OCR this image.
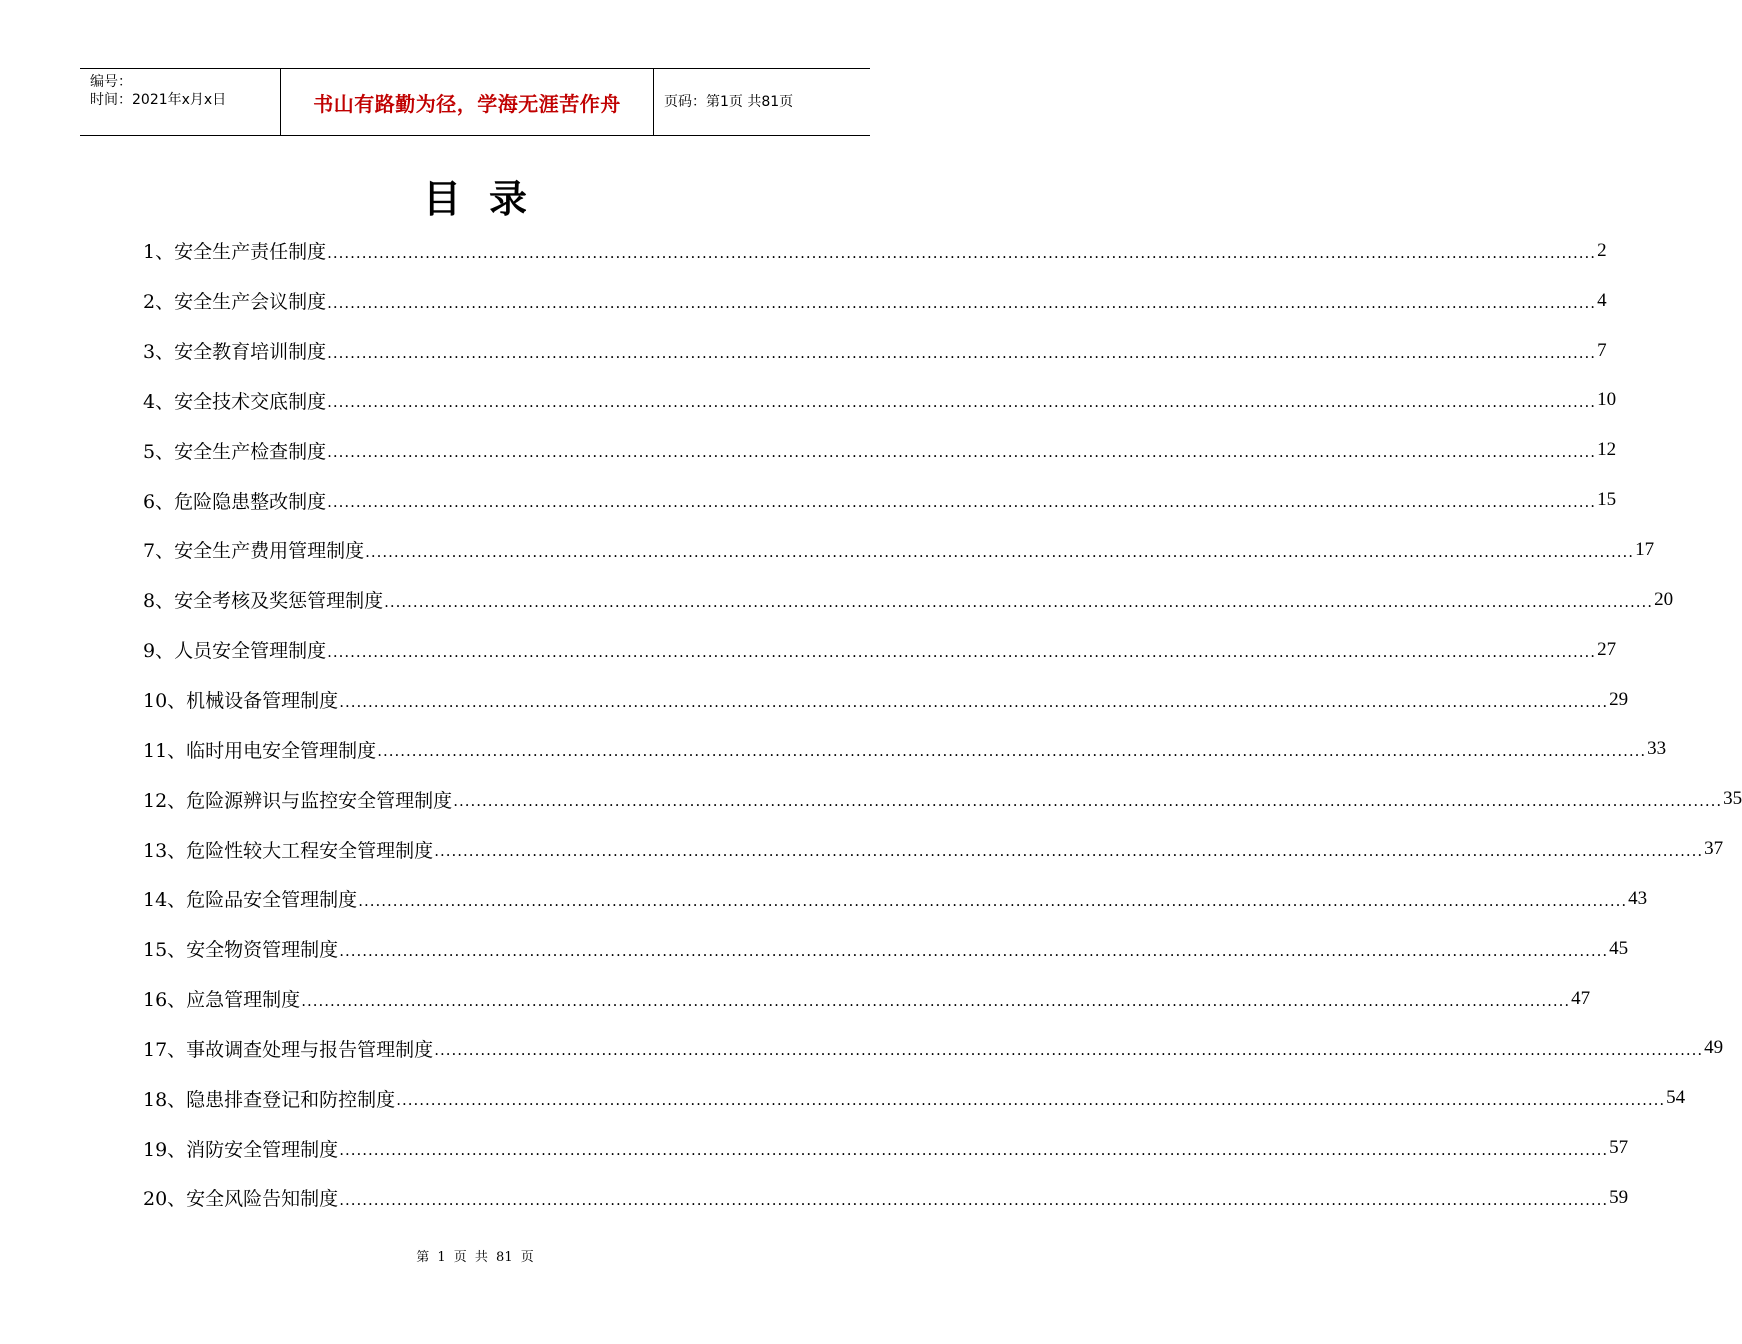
编号：
时间：2021年x月x日	书山有路勤为径，学海无涯苦作舟	页码：第1页 共81页
目录
1、安全生产责任制度 ............................................................................................................................................................................................................................ 2
2、安全生产会议制度 ............................................................................................................................................................................................................................ 4
3、安全教育培训制度 ............................................................................................................................................................................................................................ 7
4、安全技术交底制度 ............................................................................................................................................................................................................................ 10
5、安全生产检查制度 ............................................................................................................................................................................................................................ 12
6、危险隐患整改制度 ............................................................................................................................................................................................................................ 15
7、安全生产费用管理制度 ............................................................................................................................................................................................................................ 17
8、安全考核及奖惩管理制度 ............................................................................................................................................................................................................................ 20
9、人员安全管理制度 ............................................................................................................................................................................................................................ 27
10、机械设备管理制度 ............................................................................................................................................................................................................................ 29
11、临时用电安全管理制度 ............................................................................................................................................................................................................................ 33
12、危险源辨识与监控安全管理制度 ............................................................................................................................................................................................................................ 35
13、危险性较大工程安全管理制度 ............................................................................................................................................................................................................................ 37
14、危险品安全管理制度 ............................................................................................................................................................................................................................ 43
15、安全物资管理制度 ............................................................................................................................................................................................................................ 45
16、应急管理制度 ............................................................................................................................................................................................................................ 47
17、事故调查处理与报告管理制度 ............................................................................................................................................................................................................................ 49
18、隐患排查登记和防控制度 ............................................................................................................................................................................................................................ 54
19、消防安全管理制度 ............................................................................................................................................................................................................................ 57
20、安全风险告知制度 ............................................................................................................................................................................................................................ 59
第 1 页 共 81 页
